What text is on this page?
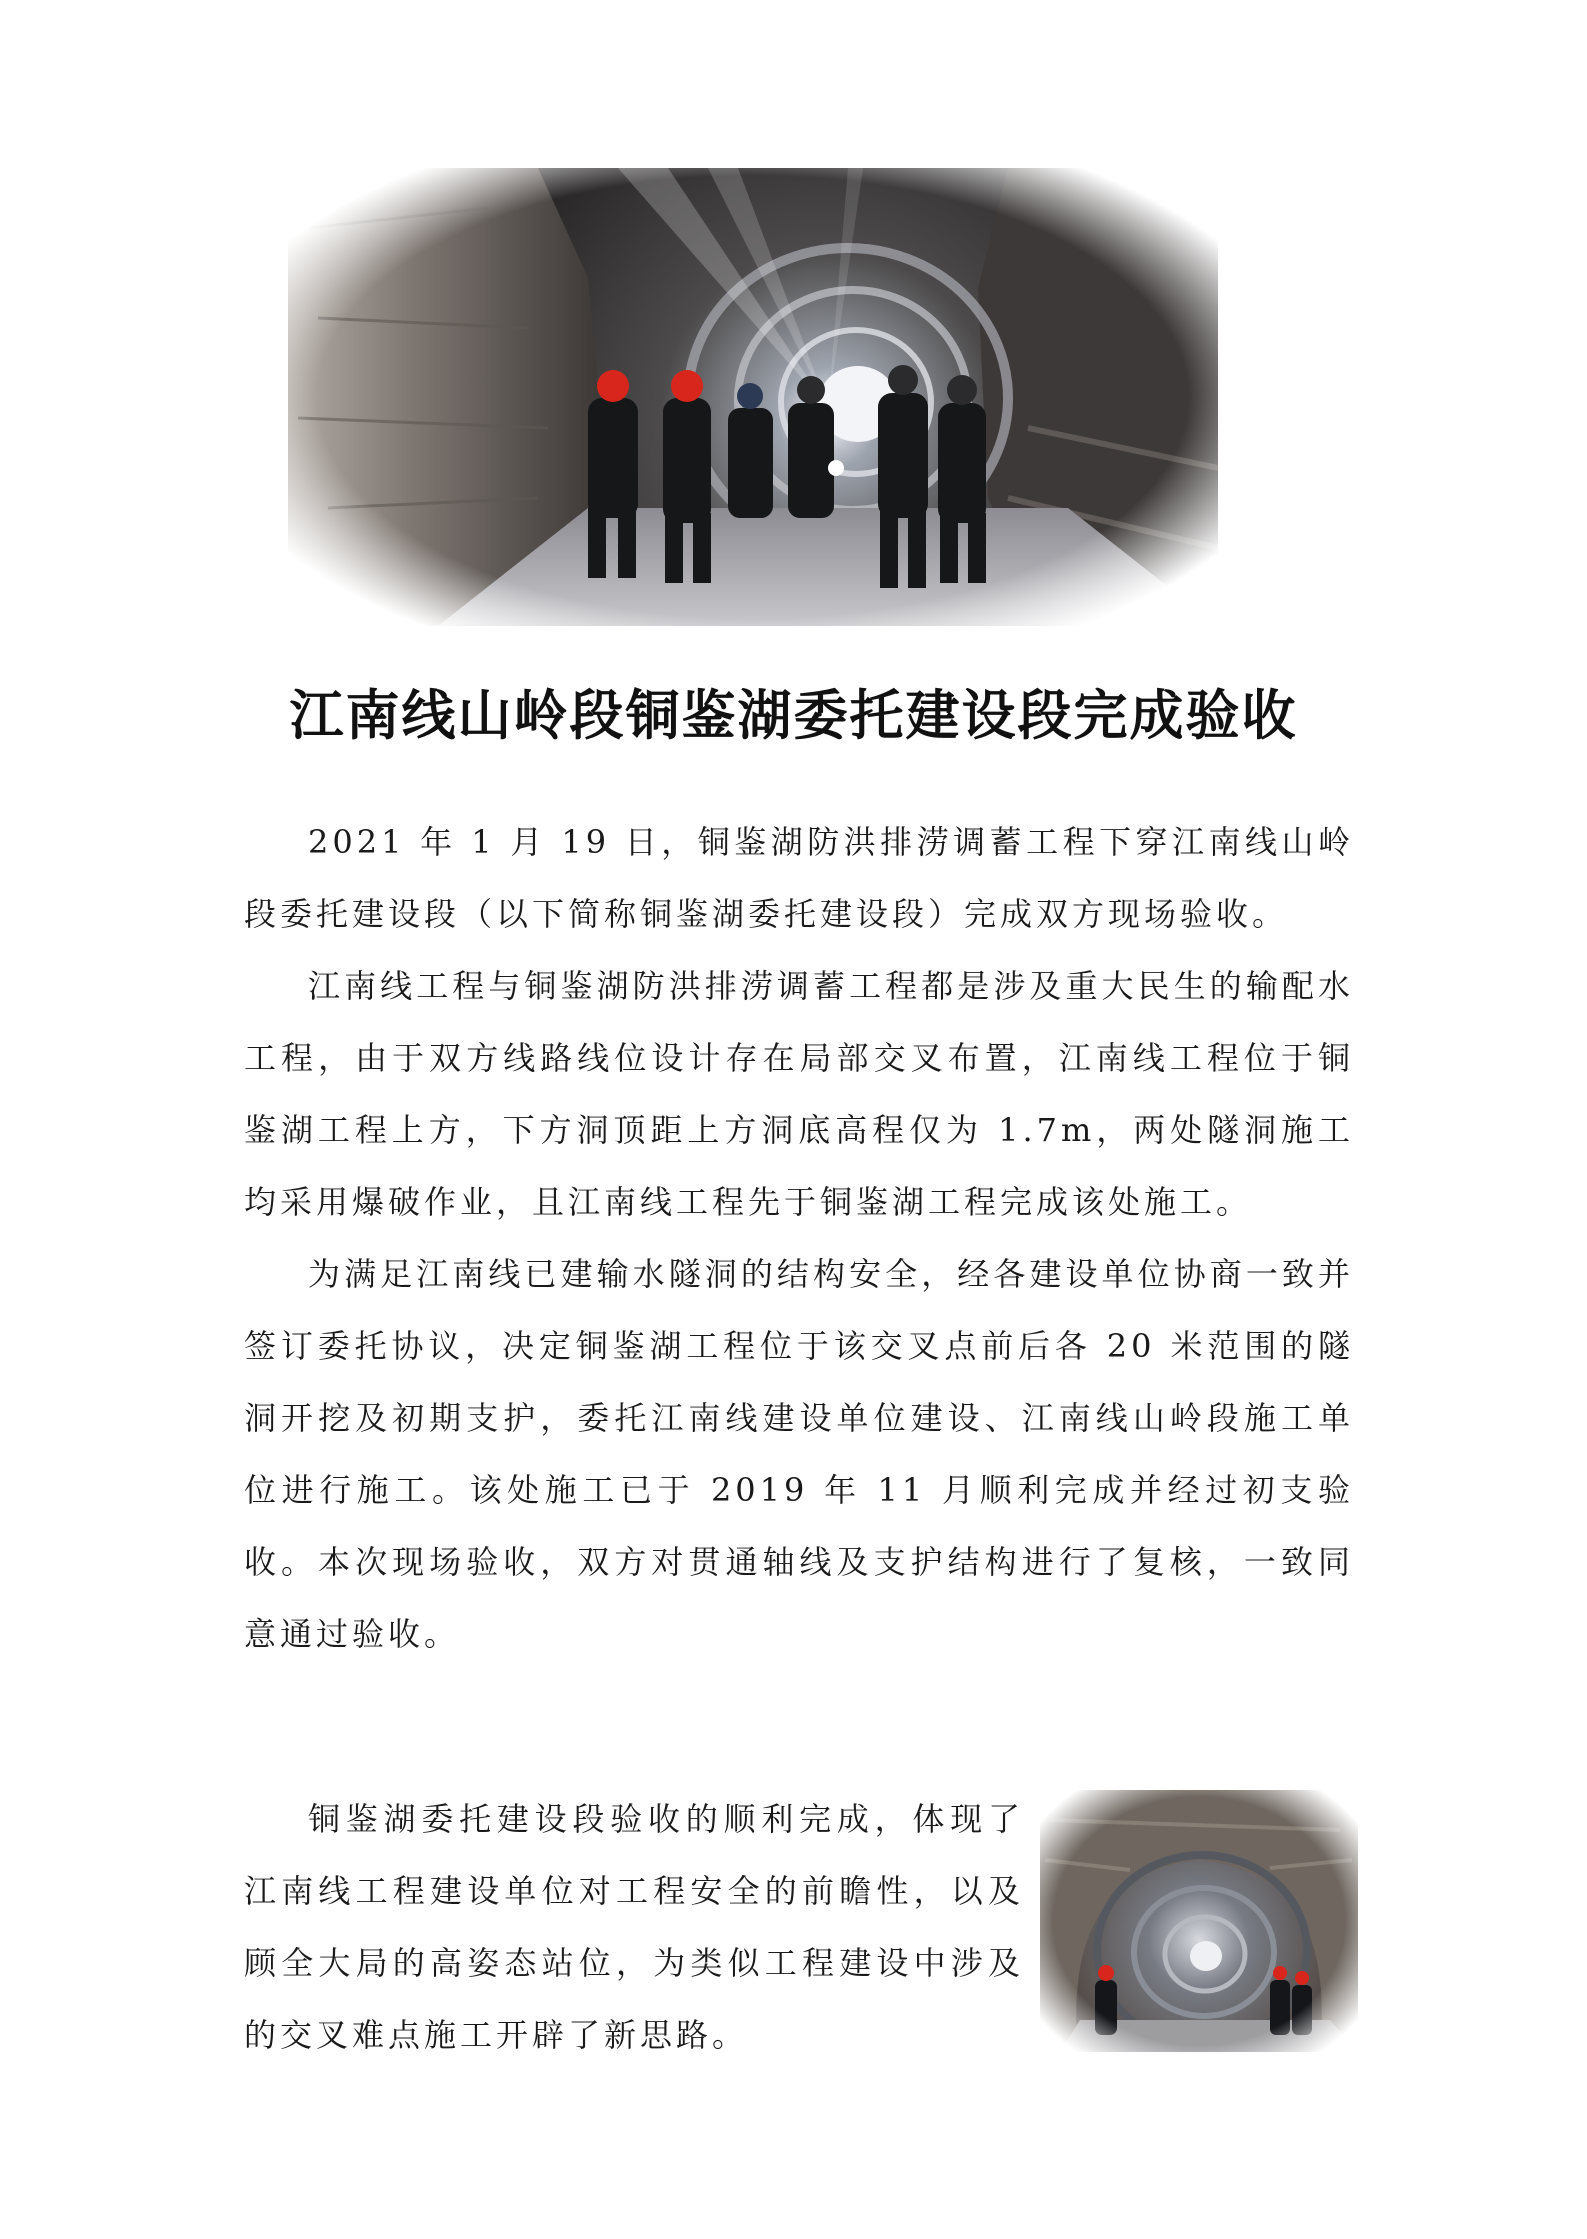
江南线山岭段铜鉴湖委托建设段完成验收

2021 年 1 月 19 日，铜鉴湖防洪排涝调蓄工程下穿江南线山岭段委托建设段（以下简称铜鉴湖委托建设段）完成双方现场验收。

江南线工程与铜鉴湖防洪排涝调蓄工程都是涉及重大民生的输配水工程，由于双方线路线位设计存在局部交叉布置，江南线工程位于铜鉴湖工程上方，下方洞顶距上方洞底高程仅为 1.7m，两处隧洞施工均采用爆破作业，且江南线工程先于铜鉴湖工程完成该处施工。

为满足江南线已建输水隧洞的结构安全，经各建设单位协商一致并签订委托协议，决定铜鉴湖工程位于该交叉点前后各 20 米范围的隧洞开挖及初期支护，委托江南线建设单位建设、江南线山岭段施工单位进行施工。该处施工已于 2019 年 11 月顺利完成并经过初支验收。本次现场验收，双方对贯通轴线及支护结构进行了复核，一致同意通过验收。

铜鉴湖委托建设段验收的顺利完成，体现了江南线工程建设单位对工程安全的前瞻性，以及顾全大局的高姿态站位，为类似工程建设中涉及的交叉难点施工开辟了新思路。
